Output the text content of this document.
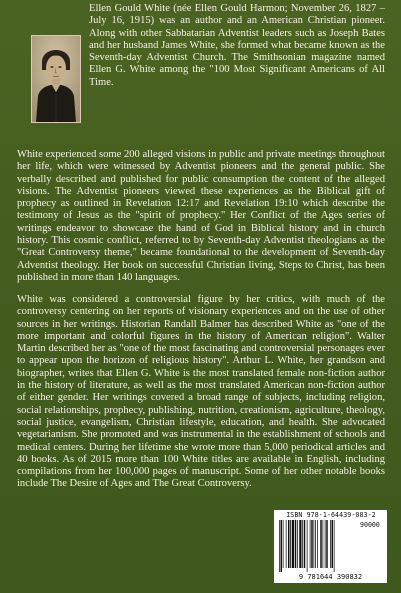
Ellen Gould White (née Ellen Gould Harmon; November 26, 1827 – July 16, 1915) was an author and an American Christian pioneer. Along with other Sabbatarian Adventist leaders such as Joseph Bates and her husband James White, she formed what became known as the Seventh-day Adventist Church. The Smithsonian magazine named Ellen G. White among the "100 Most Significant Americans of All Time.

White experienced some 200 alleged visions in public and private meetings throughout her life, which were witnessed by Adventist pioneers and the general public. She verbally described and published for public consumption the content of the alleged visions. The Adventist pioneers viewed these experiences as the Biblical gift of prophecy as outlined in Revelation 12:17 and Revelation 19:10 which describe the testimony of Jesus as the "spirit of prophecy." Her Conflict of the Ages series of writings endeavor to showcase the hand of God in Biblical history and in church history. This cosmic conflict, referred to by Seventh-day Adventist theologians as the "Great Controversy theme," became foundational to the development of Seventh-day Adventist theology. Her book on successful Christian living, Steps to Christ, has been published in more than 140 languages.

White was considered a controversial figure by her critics, with much of the controversy centering on her reports of visionary experiences and on the use of other sources in her writings. Historian Randall Balmer has described White as "one of the more important and colorful figures in the history of American religion". Walter Martin described her as "one of the most fascinating and controversial personages ever to appear upon the horizon of religious history". Arthur L. White, her grandson and biographer, writes that Ellen G. White is the most translated female non-fiction author in the history of literature, as well as the most translated American non-fiction author of either gender. Her writings covered a broad range of subjects, including religion, social relationships, prophecy, publishing, nutrition, creationism, agriculture, theology, social justice, evangelism, Christian lifestyle, education, and health. She advocated vegetarianism. She promoted and was instrumental in the establishment of schools and medical centers. During her lifetime she wrote more than 5,000 periodical articles and 40 books. As of 2015 more than 100 White titles are available in English, including compilations from her 100,000 pages of manuscript. Some of her other notable books include The Desire of Ages and The Great Controversy.

ISBN 978-1-64439-083-2
90000
9 781644 390832
